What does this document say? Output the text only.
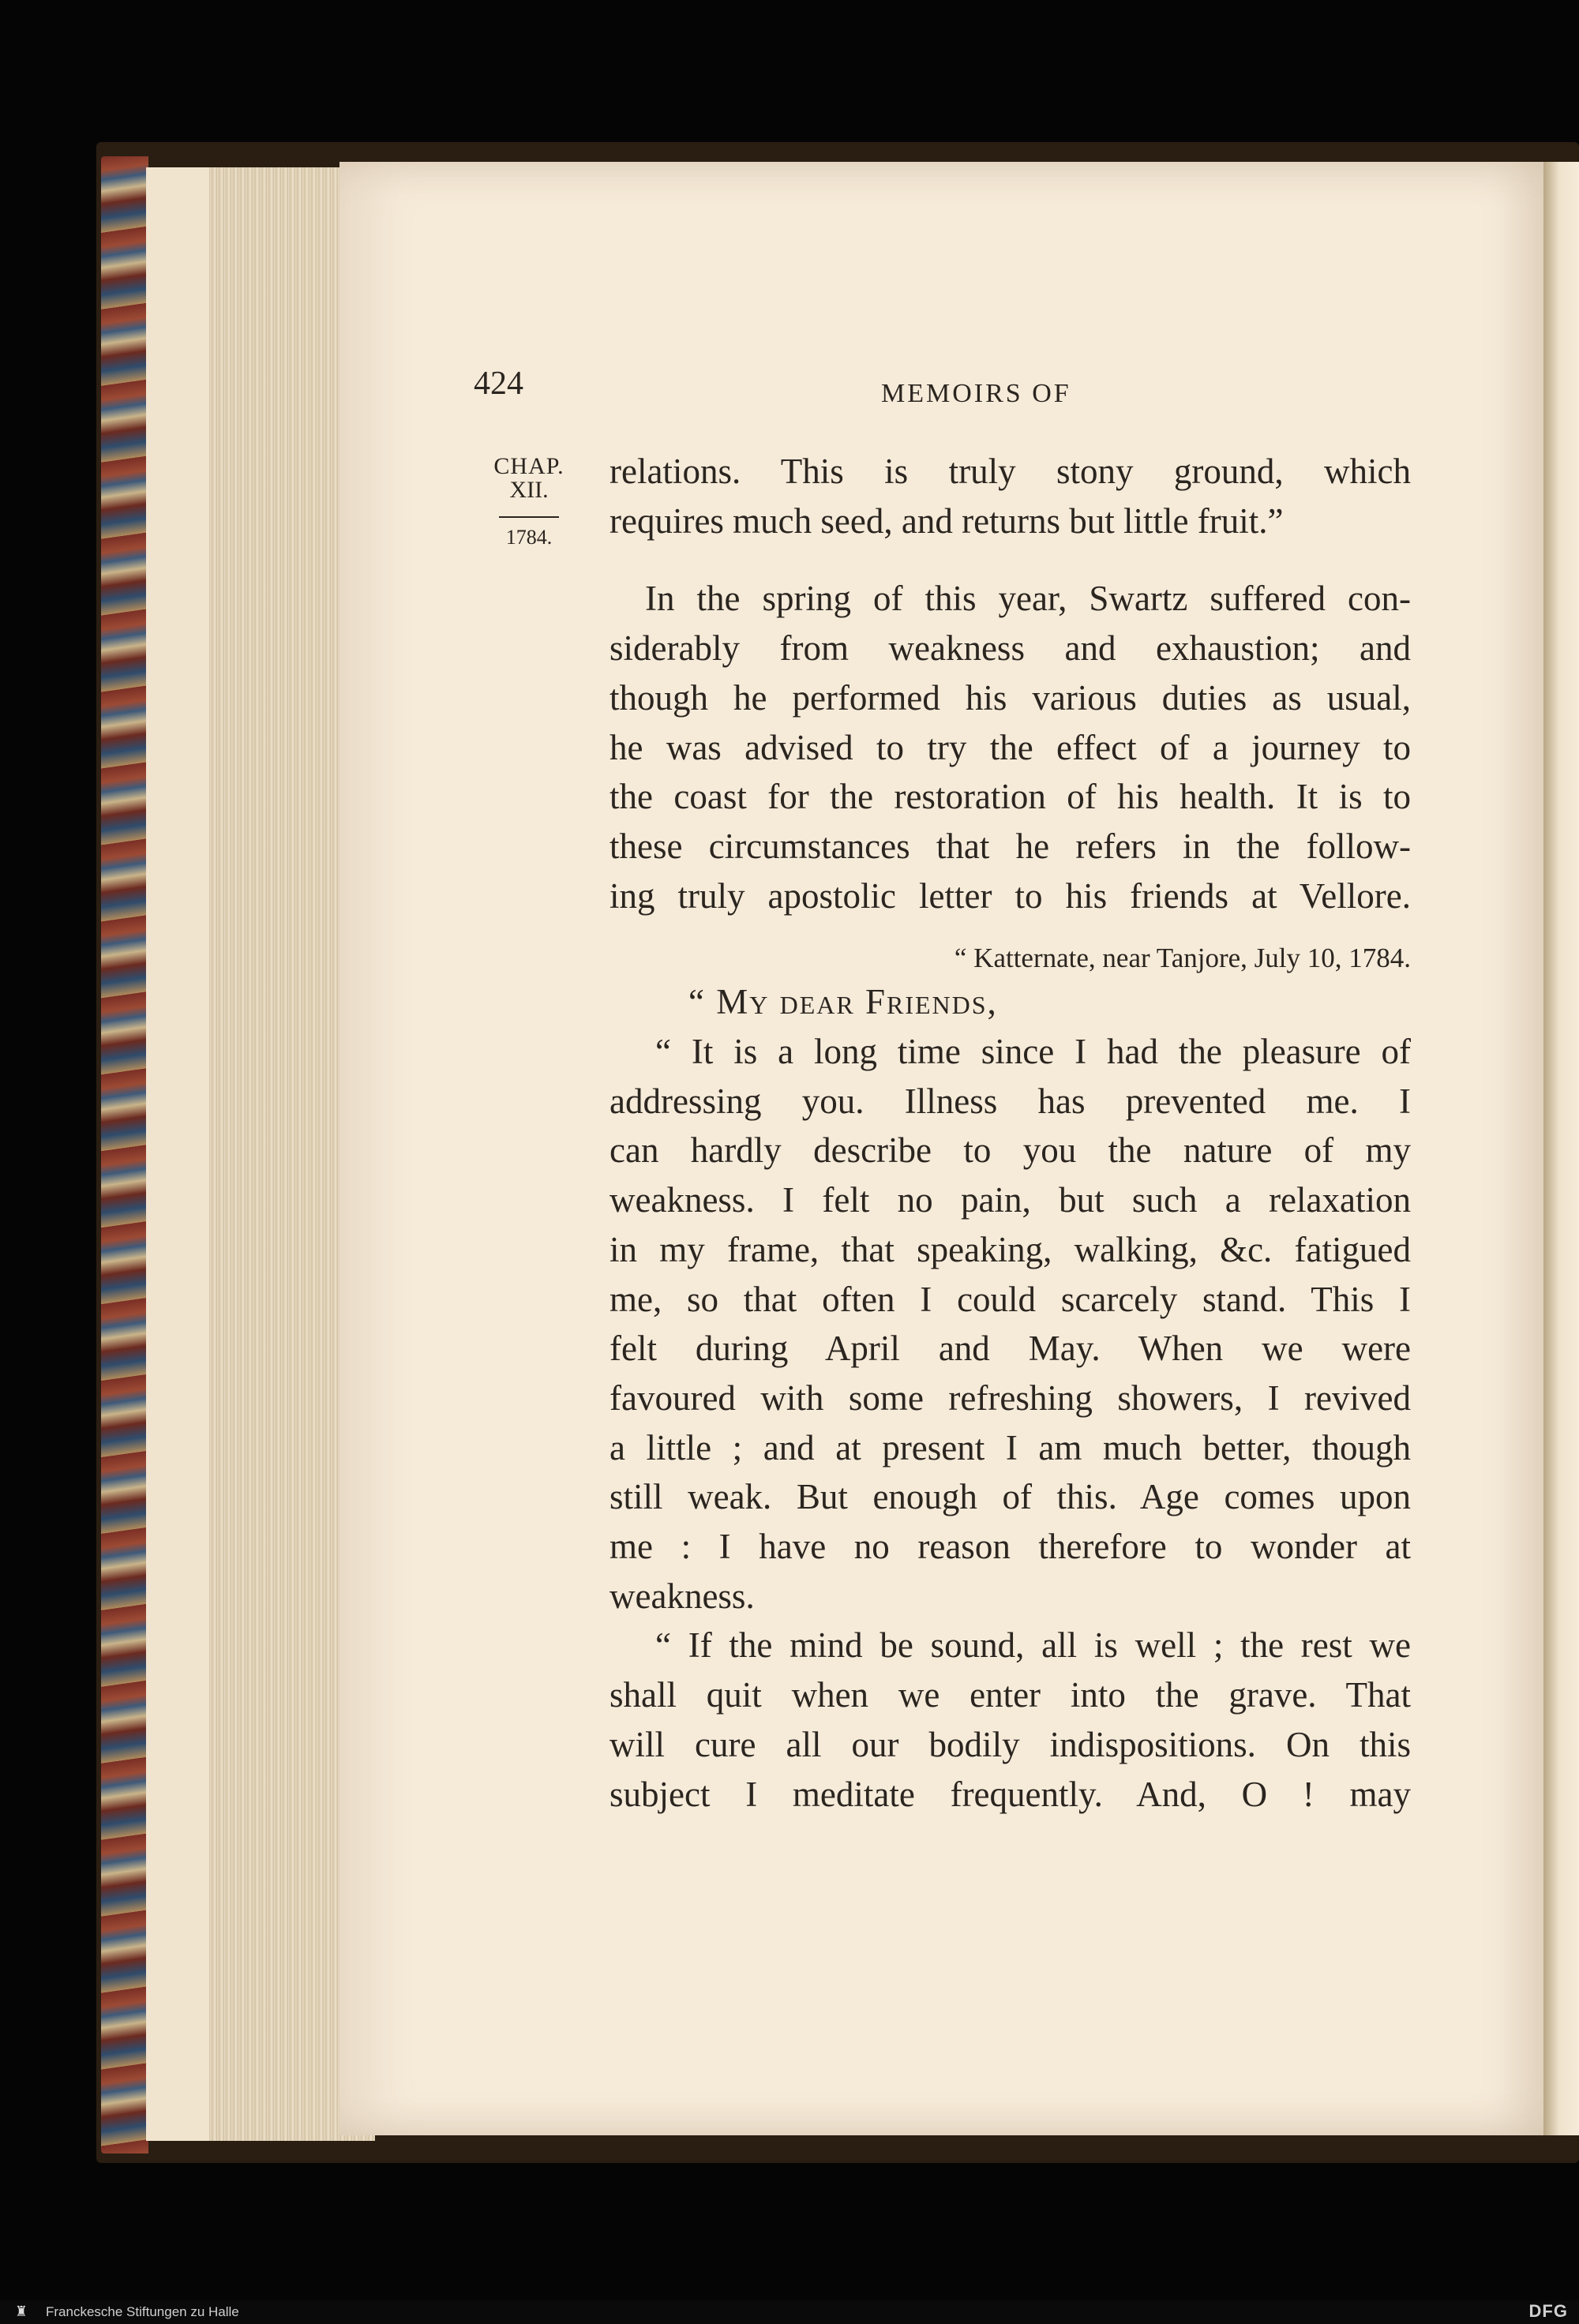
424	MEMOIRS OF
CHAP.
XII.
1784.
relations. This is truly stony ground, which
requires much seed, and returns but little fruit.”
In the spring of this year, Swartz suffered con-
siderably from weakness and exhaustion; and
though he performed his various duties as usual,
he was advised to try the effect of a journey to
the coast for the restoration of his health. It is to
these circumstances that he refers in the follow-
ing truly apostolic letter to his friends at Vellore.
“ Katternate, near Tanjore, July 10, 1784.
“ My dear Friends,
“ It is a long time since I had the pleasure of
addressing you. Illness has prevented me. I
can hardly describe to you the nature of my
weakness. I felt no pain, but such a relaxation
in my frame, that speaking, walking, &c. fatigued
me, so that often I could scarcely stand. This I
felt during April and May. When we were
favoured with some refreshing showers, I revived
a little ; and at present I am much better, though
still weak. But enough of this. Age comes upon
me : I have no reason therefore to wonder at
weakness.
“ If the mind be sound, all is well ; the rest we
shall quit when we enter into the grave. That
will cure all our bodily indispositions. On this
subject I meditate frequently. And, O ! may
♜ Franckesche Stiftungen zu Halle	DFG
